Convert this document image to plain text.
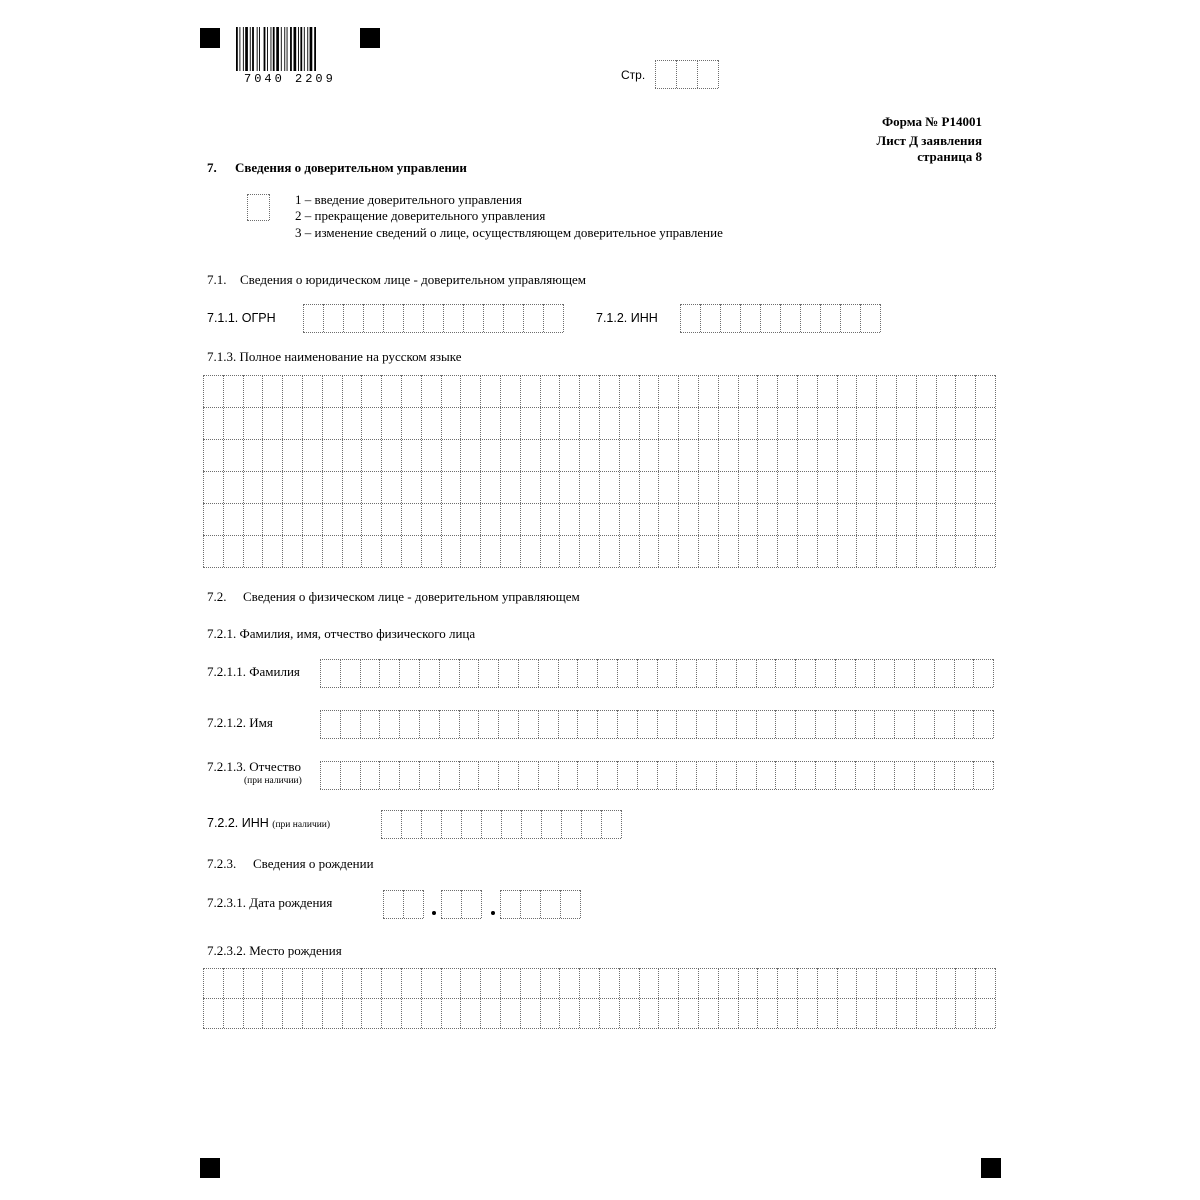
7040 2209	Стр.
Форма № Р14001
Лист Д заявления
страница 8
7. Сведения о доверительном управлении
1 – введение доверительного управления
2 – прекращение доверительного управления
3 – изменение сведений о лице, осуществляющем доверительное управление
7.1. Сведения о юридическом лице - доверительном управляющем
7.1.1. ОГРН	7.1.2. ИНН
7.1.3. Полное наименование на русском языке
7.2. Сведения о физическом лице - доверительном управляющем
7.2.1. Фамилия, имя, отчество физического лица
7.2.1.1. Фамилия
7.2.1.2. Имя
7.2.1.3. Отчество
(при наличии)
7.2.2. ИНН (при наличии)
7.2.3. Сведения о рождении
7.2.3.1. Дата рождения
7.2.3.2. Место рождения
